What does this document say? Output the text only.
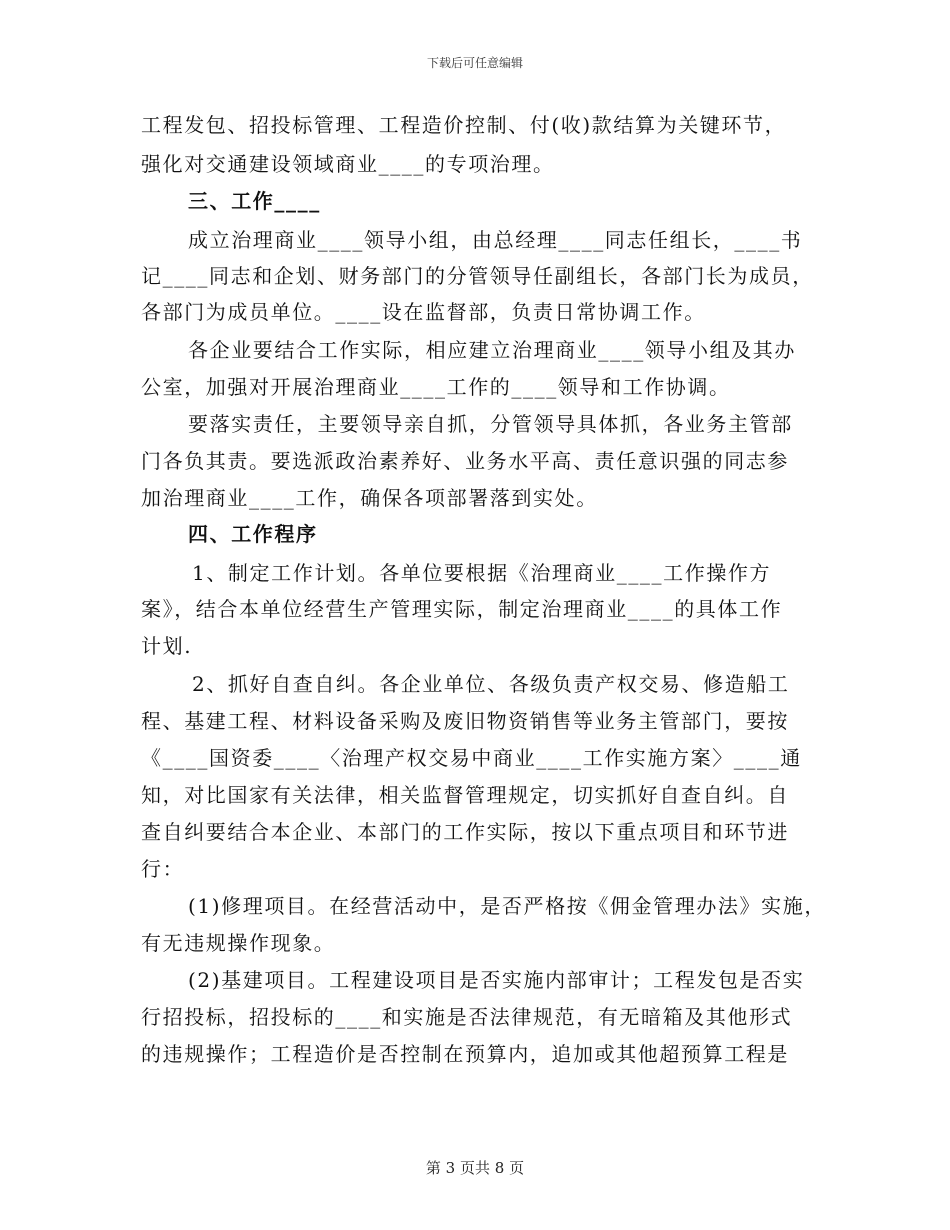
下载后可任意编辑
工程发包、招投标管理、工程造价控制、付(收)款结算为关键环节，
强化对交通建设领域商业____的专项治理。
三、工作____
成立治理商业____领导小组，由总经理____同志任组长，____书
记____同志和企划、财务部门的分管领导任副组长，各部门长为成员，
各部门为成员单位。____设在监督部，负责日常协调工作。
各企业要结合工作实际，相应建立治理商业____领导小组及其办
公室，加强对开展治理商业____工作的____领导和工作协调。
要落实责任，主要领导亲自抓，分管领导具体抓，各业务主管部
门各负其责。要选派政治素养好、业务水平高、责任意识强的同志参
加治理商业____工作，确保各项部署落到实处。
四、工作程序
1、制定工作计划。各单位要根据《治理商业____工作操作方
案》，结合本单位经营生产管理实际，制定治理商业____的具体工作
计划.
2、抓好自查自纠。各企业单位、各级负责产权交易、修造船工
程、基建工程、材料设备采购及废旧物资销售等业务主管部门，要按
《____国资委____〈治理产权交易中商业____工作实施方案〉____通
知，对比国家有关法律，相关监督管理规定，切实抓好自查自纠。自
查自纠要结合本企业、本部门的工作实际，按以下重点项目和环节进
行：
(1)修理项目。在经营活动中，是否严格按《佣金管理办法》实施，
有无违规操作现象。
(2)基建项目。工程建设项目是否实施内部审计；工程发包是否实
行招投标，招投标的____和实施是否法律规范，有无暗箱及其他形式
的违规操作；工程造价是否控制在预算内，追加或其他超预算工程是
第 3 页共 8 页
